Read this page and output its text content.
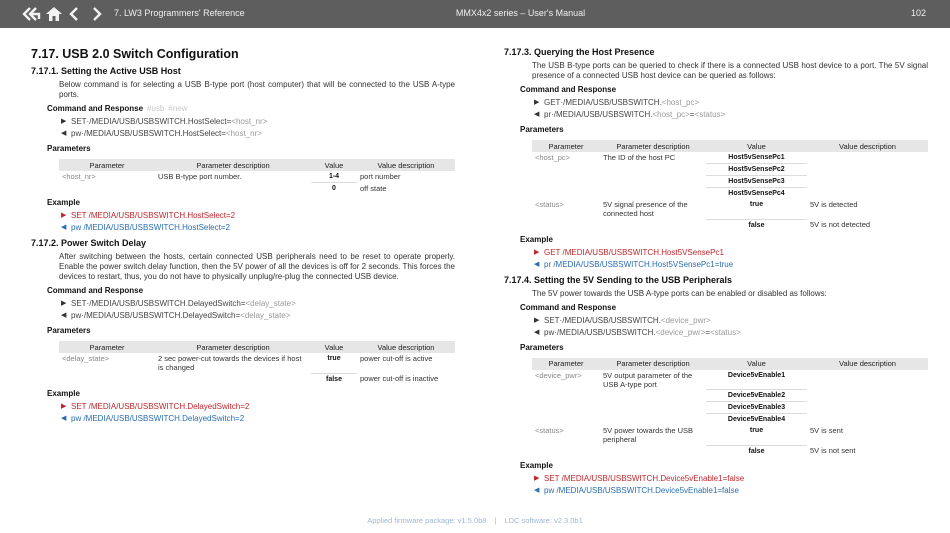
7. LW3 Programmers' Reference	MMX4x2 series – User's Manual	102
7.17. USB 2.0 Switch Configuration
7.17.1. Setting the Active USB Host
Below command is for selecting a USB B-type port (host computer) that will be connected to the USB A-type ports.
Command and Response #usb #new
▶ SET·/MEDIA/USB/USBSWITCH.HostSelect=<host_nr>
◀ pw·/MEDIA/USB/USBSWITCH.HostSelect=<host_nr>
Parameters
Parameter	Parameter description	Value	Value description
<host_nr>	USB B-type port number.	1-4	port number
		0	off state
Example
▶ SET /MEDIA/USB/USBSWITCH.HostSelect=2
◀ pw /MEDIA/USB/USBSWITCH.HostSelect=2
7.17.2. Power Switch Delay
After switching between the hosts, certain connected USB peripherals need to be reset to operate properly. Enable the power switch delay function, then the 5V power of all the devices is off for 2 seconds. This forces the devices to restart, thus, you do not have to physically unplug/re-plug the connected USB device.
Command and Response
▶ SET·/MEDIA/USB/USBSWITCH.DelayedSwitch=<delay_state>
◀ pw·/MEDIA/USB/USBSWITCH.DelayedSwitch=<delay_state>
Parameters
Parameter	Parameter description	Value	Value description
<delay_state>	2 sec power-cut towards the devices if host is changed	true	power cut-off is active
		false	power cut-off is inactive
Example
▶ SET /MEDIA/USB/USBSWITCH.DelayedSwitch=2
◀ pw /MEDIA/USB/USBSWITCH.DelayedSwitch=2
7.17.3. Querying the Host Presence
The USB B-type ports can be queried to check if there is a connected USB host device to a port. The 5V signal presence of a connected USB host device can be queried as follows:
Command and Response
▶ GET·/MEDIA/USB/USBSWITCH.<host_pc>
◀ pr·/MEDIA/USB/USBSWITCH.<host_pc>=<status>
Parameters
Parameter	Parameter description	Value	Value description
<host_pc>	The ID of the host PC	Host5vSensePc1	
		Host5vSensePc2	
		Host5vSensePc3	
		Host5vSensePc4	
<status>	5V signal presence of the connected host	true	5V is detected
		false	5V is not detected
Example
▶ GET /MEDIA/USB/USBSWITCH.Host5VSensePc1
◀ pr /MEDIA/USB/USBSWITCH.Host5VSensePc1=true
7.17.4. Setting the 5V Sending to the USB Peripherals
The 5V power towards the USB A-type ports can be enabled or disabled as follows:
Command and Response
▶ SET·/MEDIA/USB/USBSWITCH.<device_pwr>
◀ pw·/MEDIA/USB/USBSWITCH.<device_pwr>=<status>
Parameters
Parameter	Parameter description	Value	Value description
<device_pwr>	5V output parameter of the USB A-type port	Device5vEnable1	
		Device5vEnable2	
		Device5vEnable3	
		Device5vEnable4	
<status>	5V power towards the USB peripheral	true	5V is sent
		false	5V is not sent
Example
▶ SET /MEDIA/USB/USBSWITCH.Device5vEnable1=false
◀ pw /MEDIA/USB/USBSWITCH.Device5vEnable1=false
Applied firmware package: v1.5.0b8 | LDC software: v2.3.0b1
